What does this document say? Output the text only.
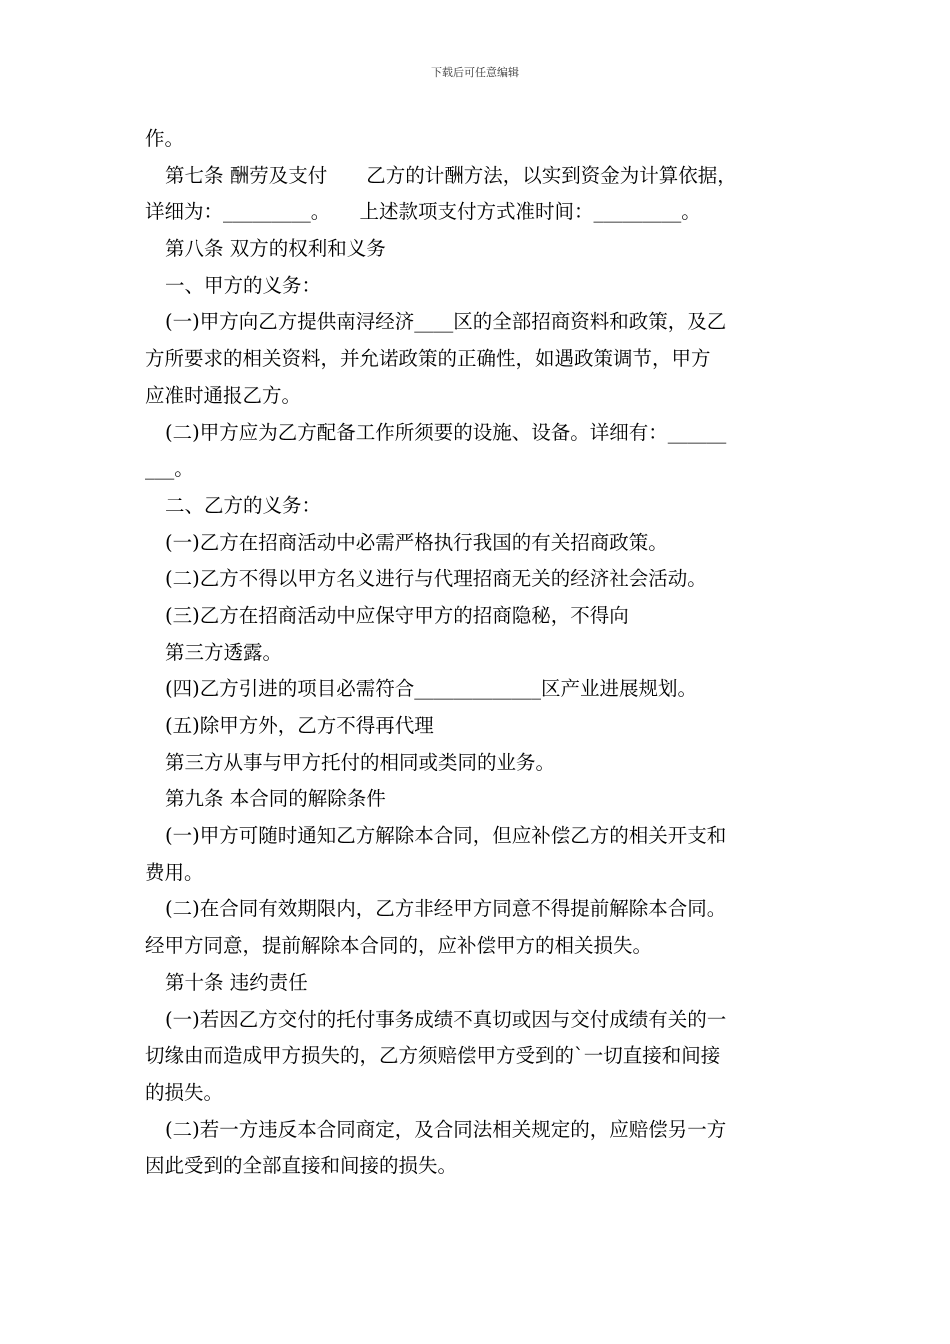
下载后可任意编辑
作。
第七条 酬劳及支付　　乙方的计酬方法，以实到资金为计算依据，
详细为：_________。　　上述款项支付方式准时间：_________。
第八条 双方的权利和义务
一、甲方的义务：
(一)甲方向乙方提供南浔经济____区的全部招商资料和政策，及乙
方所要求的相关资料，并允诺政策的正确性，如遇政策调节，甲方
应准时通报乙方。
(二)甲方应为乙方配备工作所须要的设施、设备。详细有：______
___。
二、乙方的义务：
(一)乙方在招商活动中必需严格执行我国的有关招商政策。
(二)乙方不得以甲方名义进行与代理招商无关的经济社会活动。
(三)乙方在招商活动中应保守甲方的招商隐秘，不得向
第三方透露。
(四)乙方引进的项目必需符合_____________区产业进展规划。
(五)除甲方外，乙方不得再代理
第三方从事与甲方托付的相同或类同的业务。
第九条 本合同的解除条件
(一)甲方可随时通知乙方解除本合同，但应补偿乙方的相关开支和
费用。
(二)在合同有效期限内，乙方非经甲方同意不得提前解除本合同。
经甲方同意，提前解除本合同的，应补偿甲方的相关损失。
第十条 违约责任
(一)若因乙方交付的托付事务成绩不真切或因与交付成绩有关的一
切缘由而造成甲方损失的，乙方须赔偿甲方受到的`一切直接和间接
的损失。
(二)若一方违反本合同商定，及合同法相关规定的，应赔偿另一方
因此受到的全部直接和间接的损失。
